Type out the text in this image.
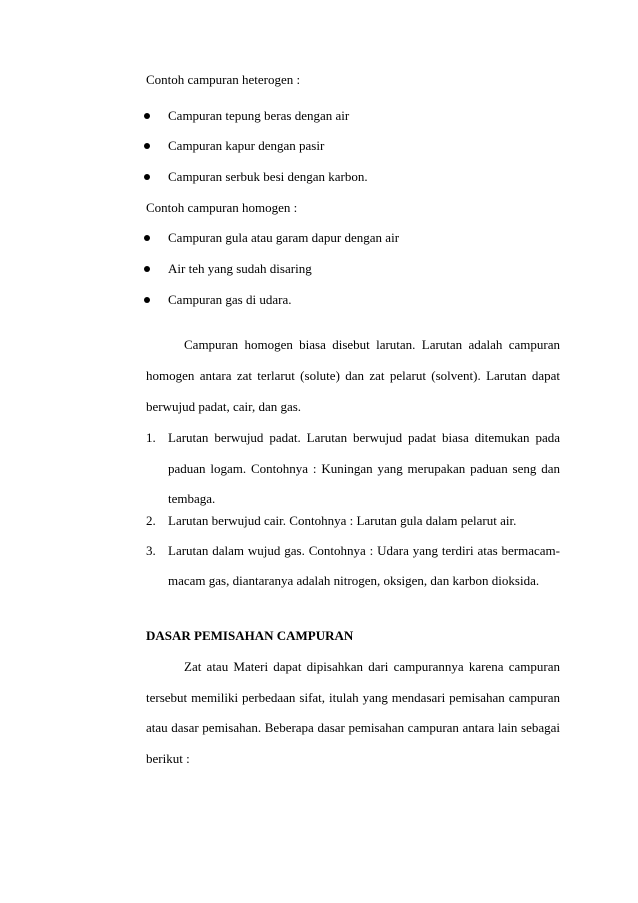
Contoh campuran heterogen :
Campuran tepung beras dengan air
Campuran kapur dengan pasir
Campuran serbuk besi dengan karbon.
Contoh campuran homogen :
Campuran gula atau garam dapur dengan air
Air teh yang sudah disaring
Campuran gas di udara.
Campuran homogen biasa disebut larutan. Larutan adalah campuran
homogen antara zat terlarut (solute) dan zat pelarut (solvent). Larutan dapat
berwujud padat, cair, dan gas.
1. Larutan berwujud padat. Larutan berwujud padat biasa ditemukan pada
paduan logam. Contohnya : Kuningan yang merupakan paduan seng dan
tembaga.
2. Larutan berwujud cair. Contohnya : Larutan gula dalam pelarut air.
3. Larutan dalam wujud gas. Contohnya : Udara yang terdiri atas bermacam-
macam gas, diantaranya adalah nitrogen, oksigen, dan karbon dioksida.
DASAR PEMISAHAN CAMPURAN
Zat atau Materi dapat dipisahkan dari campurannya karena campuran
tersebut memiliki perbedaan sifat, itulah yang mendasari pemisahan campuran
atau dasar pemisahan. Beberapa dasar pemisahan campuran antara lain sebagai
berikut :
